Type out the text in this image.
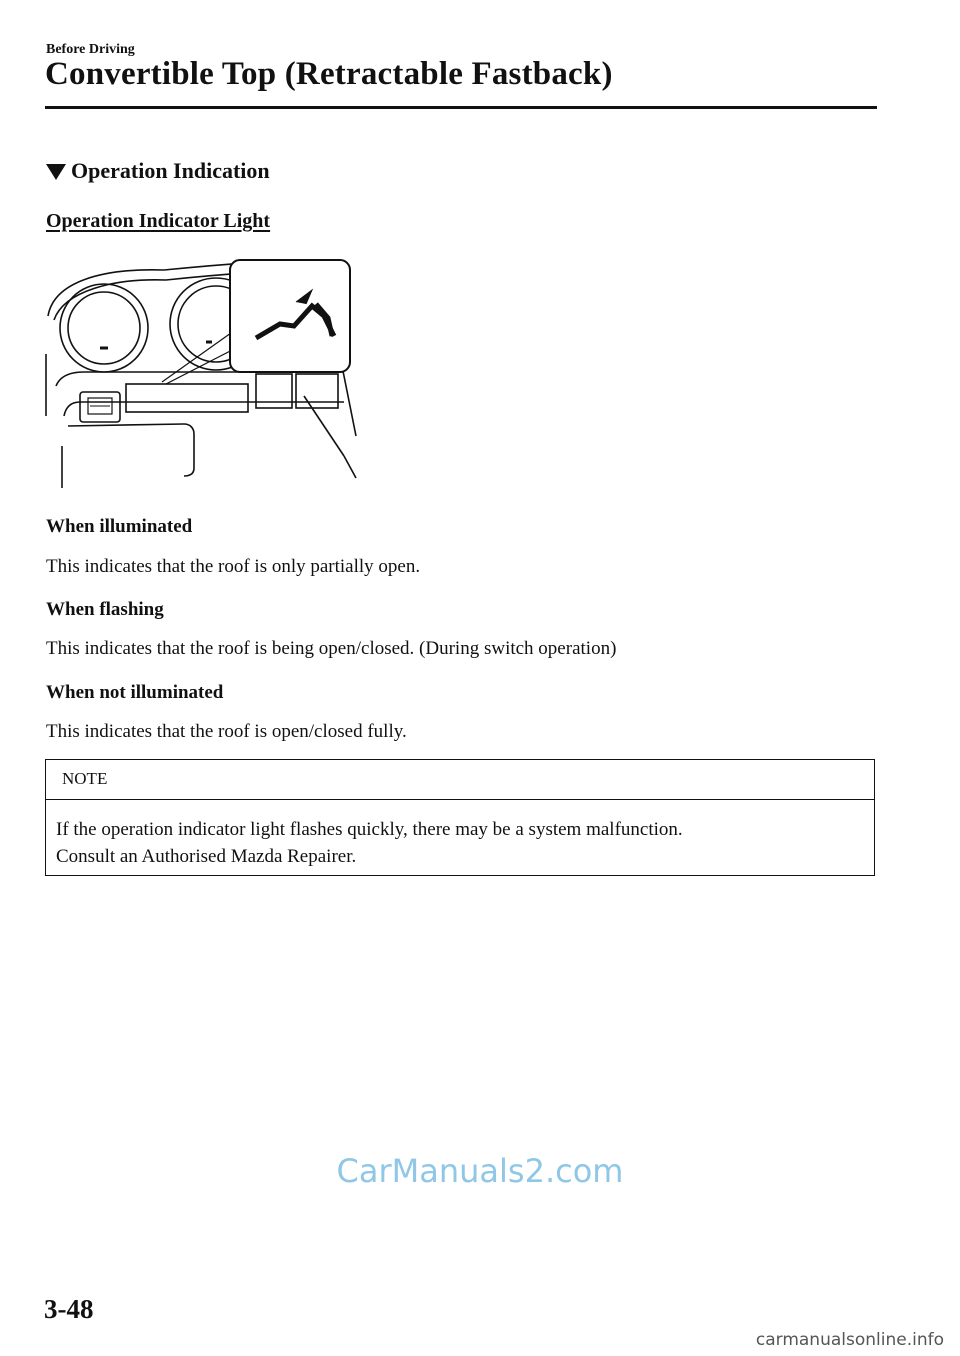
Before Driving
Convertible Top (Retractable Fastback)
Operation Indication
Operation Indicator Light
When illuminated
This indicates that the roof is only partially open.
When flashing
This indicates that the roof is being open/closed. (During switch operation)
When not illuminated
This indicates that the roof is open/closed fully.
NOTE
If the operation indicator light flashes quickly, there may be a system malfunction.
Consult an Authorised Mazda Repairer.
CarManuals2.com
3-48
carmanualsonline.info
